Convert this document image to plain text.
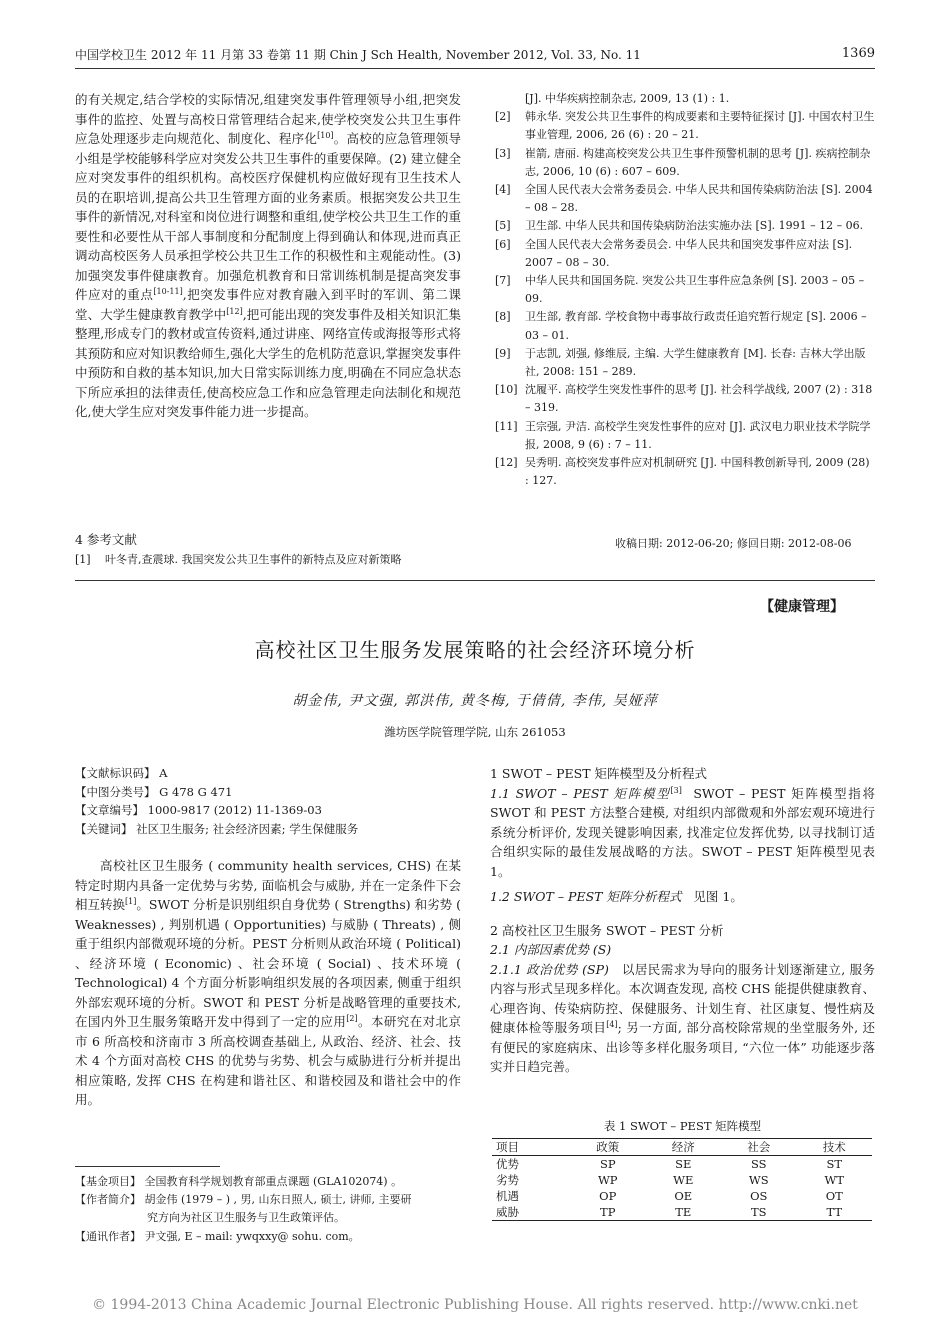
中国学校卫生 2012 年 11 月第 33 卷第 11 期 Chin J Sch Health, November 2012, Vol. 33, No. 11	1369

的有关规定,结合学校的实际情况,组建突发事件管理领导小组,把突发事件的监控、处置与高校日常管理结合起来,使学校突发公共卫生事件应急处理逐步走向规范化、制度化、程序化[10]。高校的应急管理领导小组是学校能够科学应对突发公共卫生事件的重要保障。(2) 建立健全应对突发事件的组织机构。高校医疗保健机构应做好现有卫生技术人员的在职培训,提高公共卫生管理方面的业务素质。根据突发公共卫生事件的新情况,对科室和岗位进行调整和重组,使学校公共卫生工作的重要性和必要性从干部人事制度和分配制度上得到确认和体现,进而真正调动高校医务人员承担学校公共卫生工作的积极性和主观能动性。(3) 加强突发事件健康教育。加强危机教育和日常训练机制是提高突发事件应对的重点[10-11],把突发事件应对教育融入到平时的军训、第二课堂、大学生健康教育教学中[12],把可能出现的突发事件及相关知识汇集整理,形成专门的教材或宣传资料,通过讲座、网络宣传或海报等形式将其预防和应对知识教给师生,强化大学生的危机防范意识,掌握突发事件中预防和自救的基本知识,加大日常实际训练力度,明确在不同应急状态下所应承担的法律责任,使高校应急工作和应急管理走向法制化和规范化,使大学生应对突发事件能力进一步提高。

4 参考文献
[1]	叶冬青,查震球. 我国突发公共卫生事件的新特点及应对新策略
[J]. 中华疾病控制杂志, 2009, 13 (1) : 1.
[2]	韩永华. 突发公共卫生事件的构成要素和主要特征探讨 [J]. 中国农村卫生事业管理, 2006, 26 (6) : 20 – 21.
[3]	崔箭, 唐丽. 构建高校突发公共卫生事件预警机制的思考 [J]. 疾病控制杂志, 2006, 10 (6) : 607 – 609.
[4]	全国人民代表大会常务委员会. 中华人民共和国传染病防治法 [S]. 2004 – 08 – 28.
[5]	卫生部. 中华人民共和国传染病防治法实施办法 [S]. 1991 – 12 – 06.
[6]	全国人民代表大会常务委员会. 中华人民共和国突发事件应对法 [S]. 2007 – 08 – 30.
[7]	中华人民共和国国务院. 突发公共卫生事件应急条例 [S]. 2003 – 05 – 09.
[8]	卫生部, 教育部. 学校食物中毒事故行政责任追究暂行规定 [S]. 2006 – 03 – 01.
[9]	于志凯, 刘强, 修维辰, 主编. 大学生健康教育 [M]. 长春: 吉林大学出版社, 2008: 151 – 289.
[10] 沈履平. 高校学生突发性事件的思考 [J]. 社会科学战线, 2007 (2) : 318 – 319.
[11] 王宗强, 尹洁. 高校学生突发性事件的应对 [J]. 武汉电力职业技术学院学报, 2008, 9 (6) : 7 – 11.
[12] 吴秀明. 高校突发事件应对机制研究 [J]. 中国科教创新导刊, 2009 (28) : 127.
收稿日期: 2012-06-20; 修回日期: 2012-08-06
【健康管理】
高校社区卫生服务发展策略的社会经济环境分析
胡金伟, 尹文强, 郭洪伟, 黄冬梅, 于倩倩, 李伟, 吴娅萍
潍坊医学院管理学院, 山东 261053
【文献标识码】 A
【中图分类号】 G 478 G 471
【文章编号】 1000-9817 (2012) 11-1369-03
【关键词】 社区卫生服务; 社会经济因素; 学生保健服务

高校社区卫生服务 ( community health services, CHS) 在某特定时期内具备一定优势与劣势, 面临机会与威胁, 并在一定条件下会相互转换[1]。SWOT 分析是识别组织自身优势 ( Strengths) 和劣势 ( Weaknesses) , 判别机遇 ( Opportunities) 与威胁 ( Threats) , 侧重于组织内部微观环境的分析。PEST 分析则从政治环境 ( Political) 、经济环境 ( Economic) 、社会环境 ( Social) 、技术环境 ( Technological) 4 个方面分析影响组织发展的各项因素, 侧重于组织外部宏观环境的分析。SWOT 和 PEST 分析是战略管理的重要技术, 在国内外卫生服务策略开发中得到了一定的应用[2]。本研究在对北京市 6 所高校和济南市 3 所高校调查基础上, 从政治、经济、社会、技术 4 个方面对高校 CHS 的优势与劣势、机会与威胁进行分析并提出相应策略, 发挥 CHS 在构建和谐社区、和谐校园及和谐社会中的作用。

【基金项目】 全国教育科学规划教育部重点课题 (GLA102074) 。
【作者简介】 胡金伟 (1979 – ) , 男, 山东日照人, 硕士, 讲师, 主要研
究方向为社区卫生服务与卫生政策评估。
【通讯作者】 尹文强, E – mail: ywqxxy@ sohu. com。

1 SWOT – PEST 矩阵模型及分析程式

1.1 SWOT – PEST 矩阵模型[3] SWOT – PEST 矩阵模型指将 SWOT 和 PEST 方法整合建模, 对组织内部微观和外部宏观环境进行系统分析评价, 发现关键影响因素, 找准定位发挥优势, 以寻找制订适合组织实际的最佳发展战略的方法。SWOT – PEST 矩阵模型见表 1。

1.2 SWOT – PEST 矩阵分析程式 见图 1。

2 高校社区卫生服务 SWOT – PEST 分析

2.1 内部因素优势 (S)

2.1.1 政治优势 (SP) 以居民需求为导向的服务计划逐渐建立, 服务内容与形式呈现多样化。本次调查发现, 高校 CHS 能提供健康教育、心理咨询、传染病防控、保健服务、计划生育、社区康复、慢性病及健康体检等服务项目[4]; 另一方面, 部分高校除常规的坐堂服务外, 还有便民的家庭病床、出诊等多样化服务项目, “六位一体” 功能逐步落实并日趋完善。

表 1 SWOT – PEST 矩阵模型
项目	政策	经济	社会	技术
优势	SP	SE	SS	ST
劣势	WP	WE	WS	WT
机遇	OP	OE	OS	OT
威胁	TP	TE	TS	TT
© 1994-2013 China Academic Journal Electronic Publishing House. All rights reserved. http://www.cnki.net
